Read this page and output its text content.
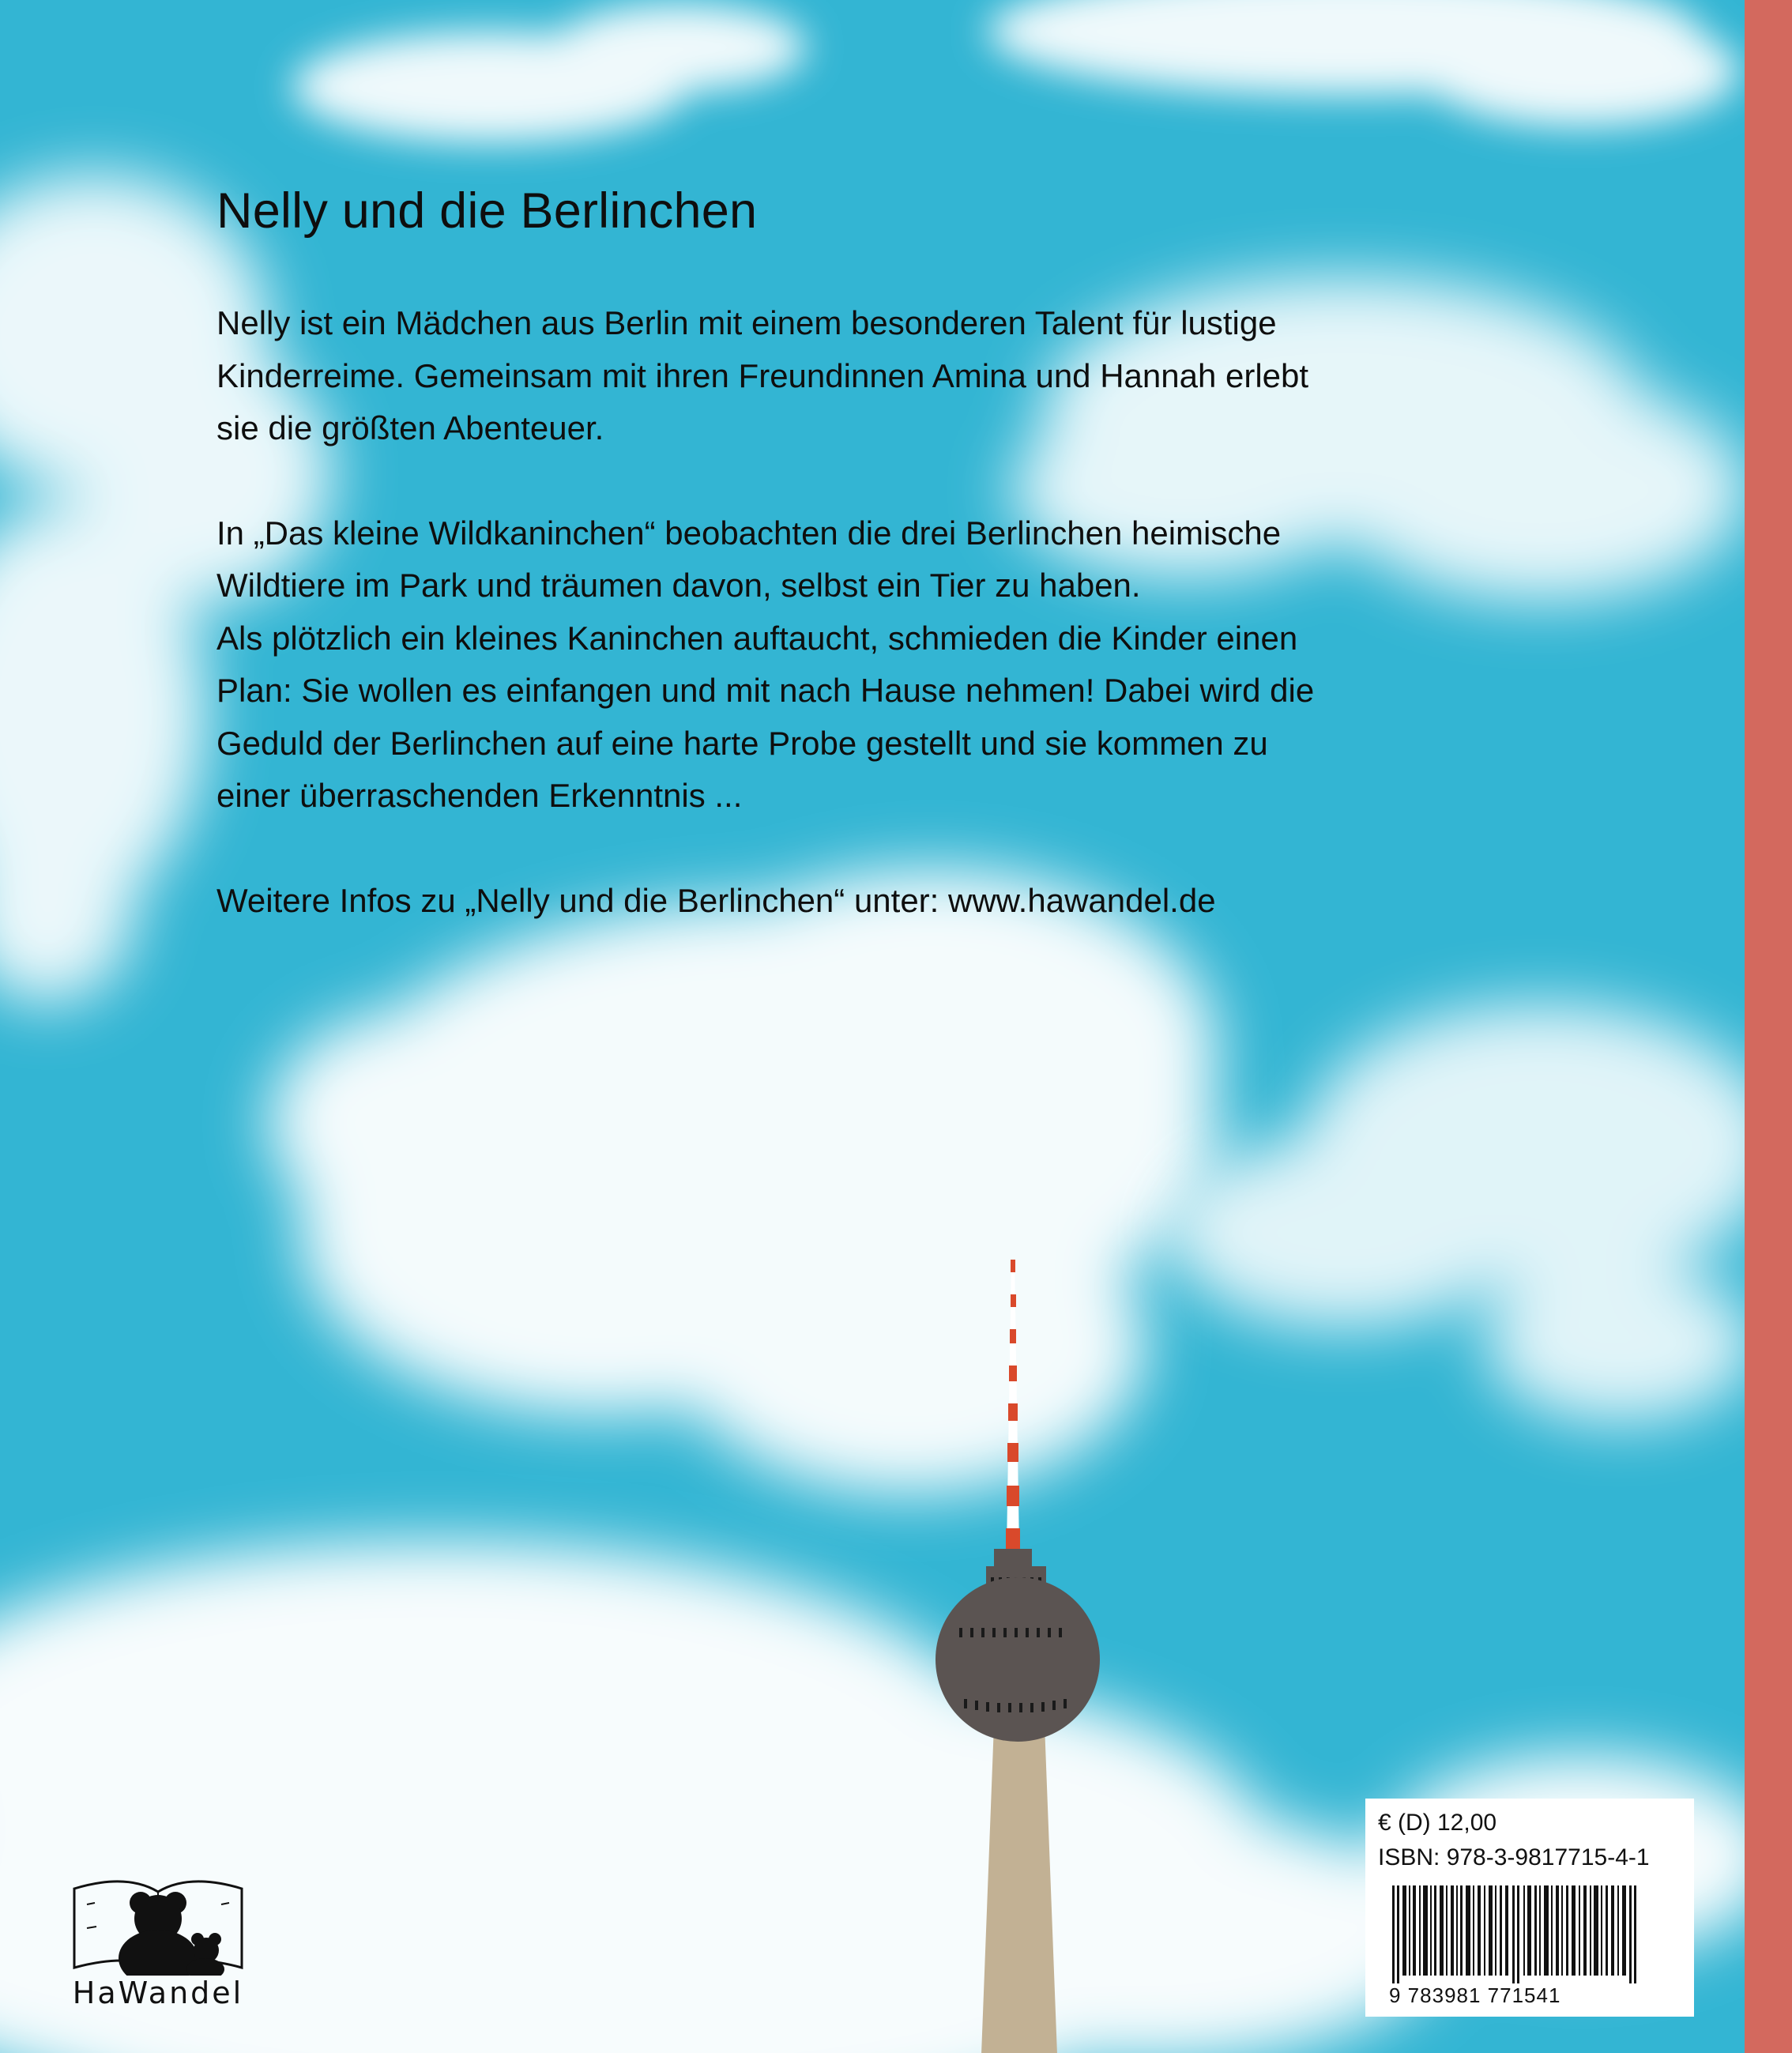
Nelly und die Berlinchen
Nelly ist ein Mädchen aus Berlin mit einem besonderen Talent für lustige
Kinderreime. Gemeinsam mit ihren Freundinnen Amina und Hannah erlebt
sie die größten Abenteuer.
In „Das kleine Wildkaninchen“ beobachten die drei Berlinchen heimische
Wildtiere im Park und träumen davon, selbst ein Tier zu haben.
Als plötzlich ein kleines Kaninchen auftaucht, schmieden die Kinder einen
Plan: Sie wollen es einfangen und mit nach Hause nehmen! Dabei wird die
Geduld der Berlinchen auf eine harte Probe gestellt und sie kommen zu
einer überraschenden Erkenntnis ...
Weitere Infos zu „Nelly und die Berlinchen“ unter: www.hawandel.de
HaWandel
€ (D) 12,00
ISBN: 978-3-9817715-4-1
9 783981 771541
